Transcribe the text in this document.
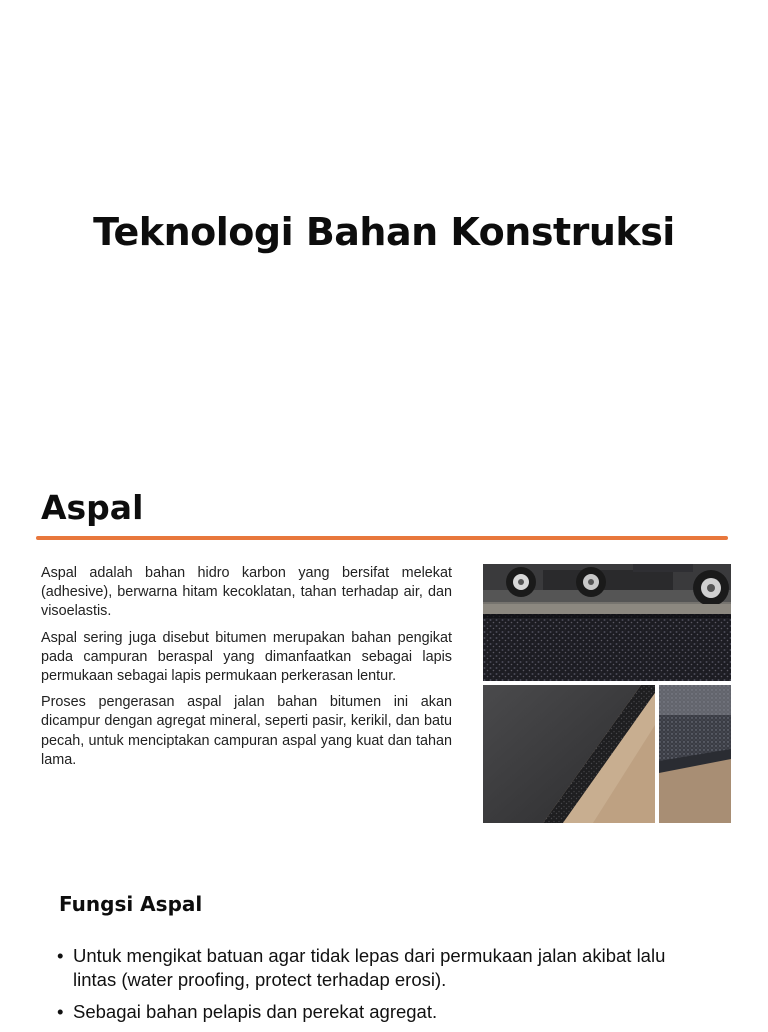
Teknologi Bahan Konstruksi
Aspal

Aspal adalah bahan hidro karbon yang bersifat melekat (adhesive), berwarna hitam kecoklatan, tahan terhadap air, dan visoelastis.

Aspal sering juga disebut bitumen merupakan bahan pengikat pada campuran beraspal yang dimanfaatkan sebagai lapis permukaan sebagai lapis permukaan perkerasan lentur.

Proses pengerasan aspal jalan bahan bitumen ini akan dicampur dengan agregat mineral, seperti pasir, kerikil, dan batu pecah, untuk menciptakan campuran aspal yang kuat dan tahan lama.

Fungsi Aspal
• Untuk mengikat batuan agar tidak lepas dari permukaan jalan akibat lalu lintas (water proofing, protect terhadap erosi).
• Sebagai bahan pelapis dan perekat agregat.
